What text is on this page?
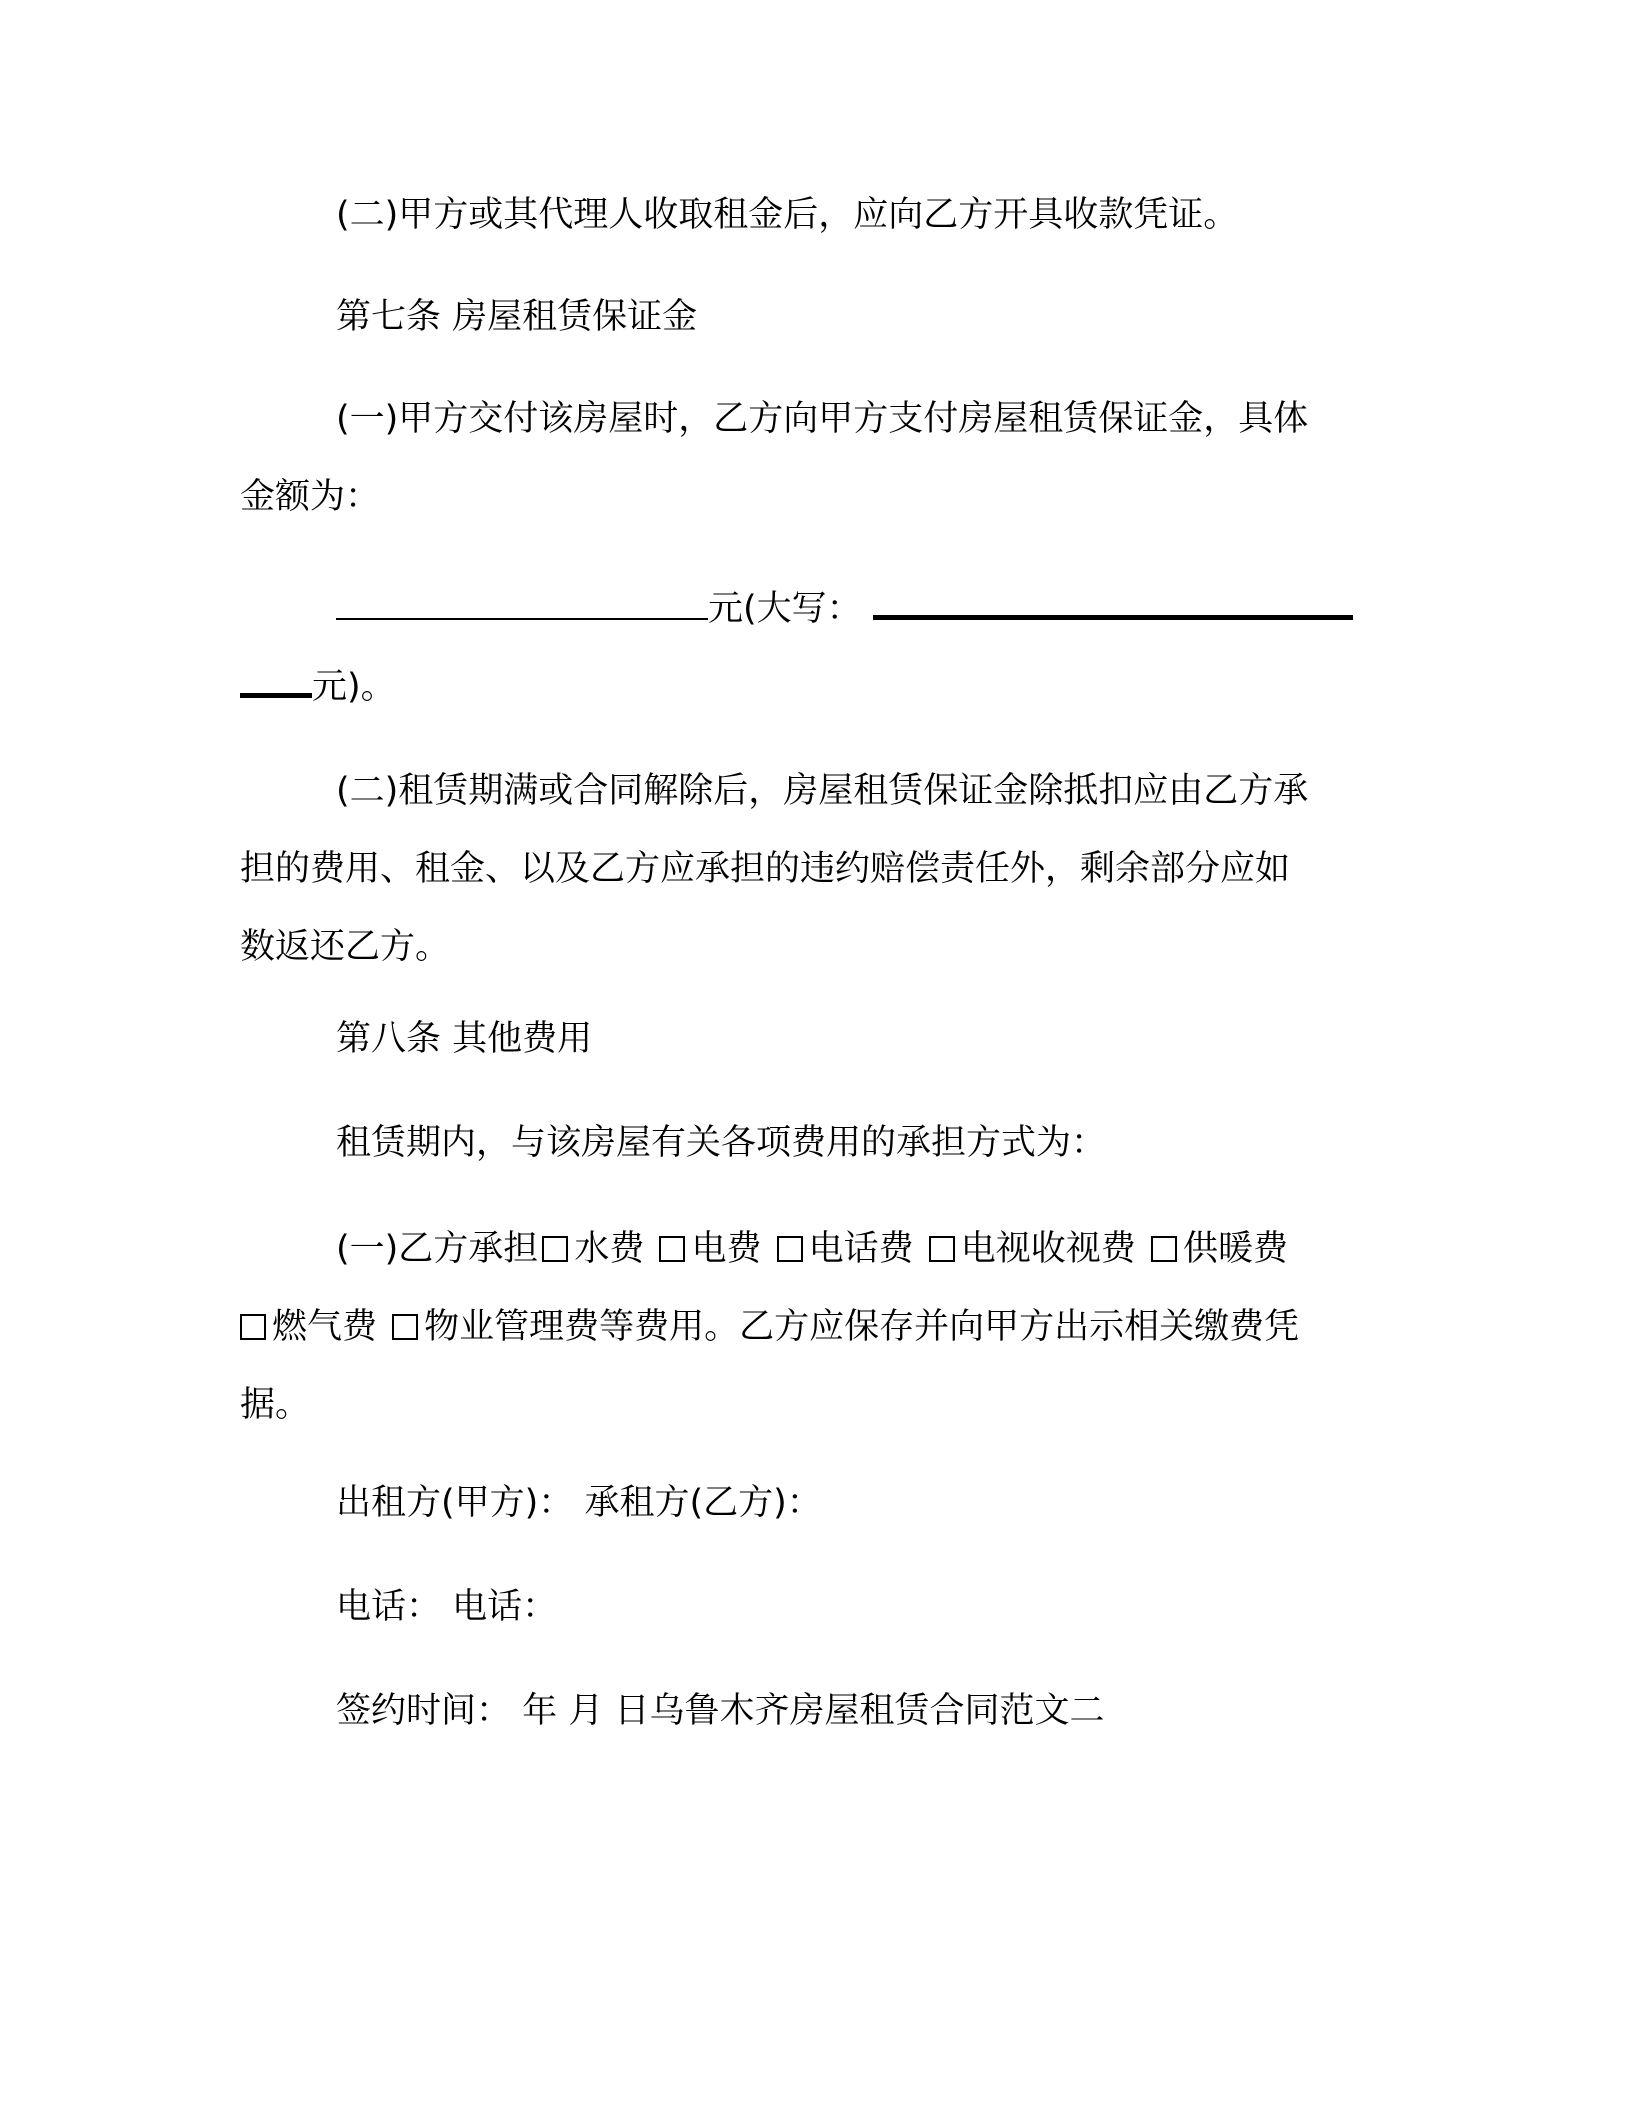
(二)甲方或其代理人收取租金后，应向乙方开具收款凭证。
第七条 房屋租赁保证金
(一)甲方交付该房屋时，乙方向甲方支付房屋租赁保证金，具体
金额为：
元(大写：
元)。
(二)租赁期满或合同解除后，房屋租赁保证金除抵扣应由乙方承
担的费用、租金、以及乙方应承担的违约赔偿责任外，剩余部分应如
数返还乙方。
第八条 其他费用
租赁期内，与该房屋有关各项费用的承担方式为：
(一)乙方承担 水费 电费 电话费 电视收视费 供暖费
燃气费 物业管理费等费用。乙方应保存并向甲方出示相关缴费凭
据。
出租方(甲方)： 承租方(乙方)：
电话： 电话：
签约时间： 年 月 日乌鲁木齐房屋租赁合同范文二
